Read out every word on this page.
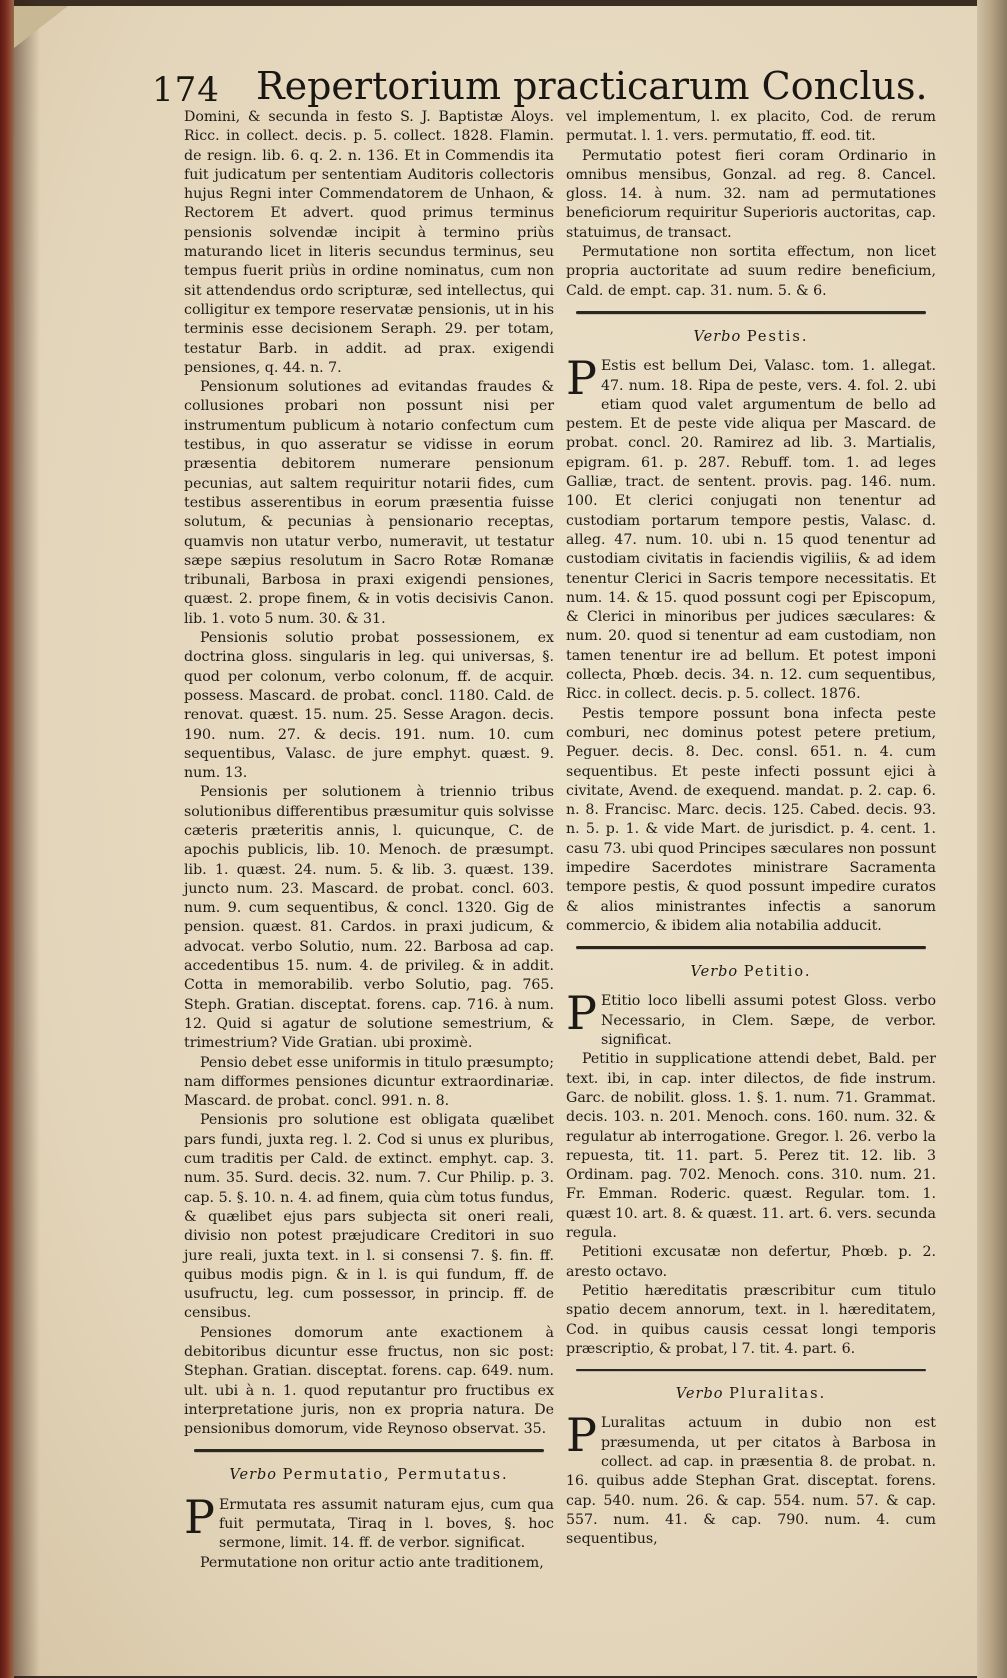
174 Repertorium practicarum Conclus.

Domini, & secunda in festo S. J. Baptistæ Aloys. Ricc. in collect. decis. p. 5. collect. 1828. Flamin. de resign. lib. 6. q. 2. n. 136. Et in Commendis ita fuit judicatum per sententiam Auditoris collectoris hujus Regni inter Commendatorem de Unhaon, & Rectorem Et advert. quod primus terminus pensionis solvendæ incipit à termino priùs maturando licet in literis secundus terminus, seu tempus fuerit priùs in ordine nominatus, cum non sit attendendus ordo scripturæ, sed intellectus, qui colligitur ex tempore reservatæ pensionis, ut in his terminis esse decisionem Seraph. 29. per totam, testatur Barb. in addit. ad prax. exigendi pensiones, q. 44. n. 7.

Pensionum solutiones ad evitandas fraudes & collusiones probari non possunt nisi per instrumentum publicum à notario confectum cum testibus, in quo asseratur se vidisse in eorum præsentia debitorem numerare pensionum pecunias, aut saltem requiritur notarii fides, cum testibus asserentibus in eorum præsentia fuisse solutum, & pecunias à pensionario receptas, quamvis non utatur verbo, numeravit, ut testatur sæpe sæpius resolutum in Sacro Rotæ Romanæ tribunali, Barbosa in praxi exigendi pensiones, quæst. 2. prope finem, & in votis decisivis Canon. lib. 1. voto 5 num. 30. & 31.

Pensionis solutio probat possessionem, ex doctrina gloss. singularis in leg. qui universas, §. quod per colonum, verbo colonum, ff. de acquir. possess. Mascard. de probat. concl. 1180. Cald. de renovat. quæst. 15. num. 25. Sesse Aragon. decis. 190. num. 27. & decis. 191. num. 10. cum sequentibus, Valasc. de jure emphyt. quæst. 9. num. 13.

Pensionis per solutionem à triennio tribus solutionibus differentibus præsumitur quis solvisse cæteris præteritis annis, l. quicunque, C. de apochis publicis, lib. 10. Menoch. de præsumpt. lib. 1. quæst. 24. num. 5. & lib. 3. quæst. 139. juncto num. 23. Mascard. de probat. concl. 603. num. 9. cum sequentibus, & concl. 1320. Gig de pension. quæst. 81. Cardos. in praxi judicum, & advocat. verbo Solutio, num. 22. Barbosa ad cap. accedentibus 15. num. 4. de privileg. & in addit. Cotta in memorabilib. verbo Solutio, pag. 765. Steph. Gratian. disceptat. forens. cap. 716. à num. 12. Quid si agatur de solutione semestrium, & trimestrium? Vide Gratian. ubi proximè.

Pensio debet esse uniformis in titulo præsumpto; nam difformes pensiones dicuntur extraordinariæ. Mascard. de probat. concl. 991. n. 8.

Pensionis pro solutione est obligata quælibet pars fundi, juxta reg. l. 2. Cod si unus ex pluribus, cum traditis per Cald. de extinct. emphyt. cap. 3. num. 35. Surd. decis. 32. num. 7. Cur Philip. p. 3. cap. 5. §. 10. n. 4. ad finem, quia cùm totus fundus, & quælibet ejus pars subjecta sit oneri reali, divisio non potest præjudicare Creditori in suo jure reali, juxta text. in l. si consensi 7. §. fin. ff. quibus modis pign. & in l. is qui fundum, ff. de usufructu, leg. cum possessor, in princip. ff. de censibus.

Pensiones domorum ante exactionem à debitoribus dicuntur esse fructus, non sic post: Stephan. Gratian. disceptat. forens. cap. 649. num. ult. ubi à n. 1. quod reputantur pro fructibus ex interpretatione juris, non ex propria natura. De pensionibus domorum, vide Reynoso observat. 35.

Verbo Permutatio, Permutatus.

P Ermutata res assumit naturam ejus, cum qua fuit permutata, Tiraq in l. boves, §. hoc sermone, limit. 14. ff. de verbor. significat.

Permutatione non oritur actio ante traditionem,

vel implementum, l. ex placito, Cod. de rerum permutat. l. 1. vers. permutatio, ff. eod. tit.

Permutatio potest fieri coram Ordinario in omnibus mensibus, Gonzal. ad reg. 8. Cancel. gloss. 14. à num. 32. nam ad permutationes beneficiorum requiritur Superioris auctoritas, cap. statuimus, de transact.

Permutatione non sortita effectum, non licet propria auctoritate ad suum redire beneficium, Cald. de empt. cap. 31. num. 5. & 6.

Verbo Pestis.

P Estis est bellum Dei, Valasc. tom. 1. allegat. 47. num. 18. Ripa de peste, vers. 4. fol. 2. ubi etiam quod valet argumentum de bello ad pestem. Et de peste vide aliqua per Mascard. de probat. concl. 20. Ramirez ad lib. 3. Martialis, epigram. 61. p. 287. Rebuff. tom. 1. ad leges Galliæ, tract. de sentent. provis. pag. 146. num. 100. Et clerici conjugati non tenentur ad custodiam portarum tempore pestis, Valasc. d. alleg. 47. num. 10. ubi n. 15 quod tenentur ad custodiam civitatis in faciendis vigiliis, & ad idem tenentur Clerici in Sacris tempore necessitatis. Et num. 14. & 15. quod possunt cogi per Episcopum, & Clerici in minoribus per judices sæculares: & num. 20. quod si tenentur ad eam custodiam, non tamen tenentur ire ad bellum. Et potest imponi collecta, Phœb. decis. 34. n. 12. cum sequentibus, Ricc. in collect. decis. p. 5. collect. 1876.

Pestis tempore possunt bona infecta peste comburi, nec dominus potest petere pretium, Peguer. decis. 8. Dec. consl. 651. n. 4. cum sequentibus. Et peste infecti possunt ejici à civitate, Avend. de exequend. mandat. p. 2. cap. 6. n. 8. Francisc. Marc. decis. 125. Cabed. decis. 93. n. 5. p. 1. & vide Mart. de jurisdict. p. 4. cent. 1. casu 73. ubi quod Principes sæculares non possunt impedire Sacerdotes ministrare Sacramenta tempore pestis, & quod possunt impedire curatos & alios ministrantes infectis a sanorum commercio, & ibidem alia notabilia adducit.

Verbo Petitio.

P Etitio loco libelli assumi potest Gloss. verbo Necessario, in Clem. Sæpe, de verbor. significat.

Petitio in supplicatione attendi debet, Bald. per text. ibi, in cap. inter dilectos, de fide instrum. Garc. de nobilit. gloss. 1. §. 1. num. 71. Grammat. decis. 103. n. 201. Menoch. cons. 160. num. 32. & regulatur ab interrogatione. Gregor. l. 26. verbo la repuesta, tit. 11. part. 5. Perez tit. 12. lib. 3 Ordinam. pag. 702. Menoch. cons. 310. num. 21. Fr. Emman. Roderic. quæst. Regular. tom. 1. quæst 10. art. 8. & quæst. 11. art. 6. vers. secunda regula.

Petitioni excusatæ non defertur, Phœb. p. 2. aresto octavo.

Petitio hæreditatis præscribitur cum titulo spatio decem annorum, text. in l. hæreditatem, Cod. in quibus causis cessat longi temporis præscriptio, & probat, l 7. tit. 4. part. 6.

Verbo Pluralitas.

P Luralitas actuum in dubio non est præsumenda, ut per citatos à Barbosa in collect. ad cap. in præsentia 8. de probat. n. 16. quibus adde Stephan Grat. disceptat. forens. cap. 540. num. 26. & cap. 554. num. 57. & cap. 557. num. 41. & cap. 790. num. 4. cum sequentibus,
